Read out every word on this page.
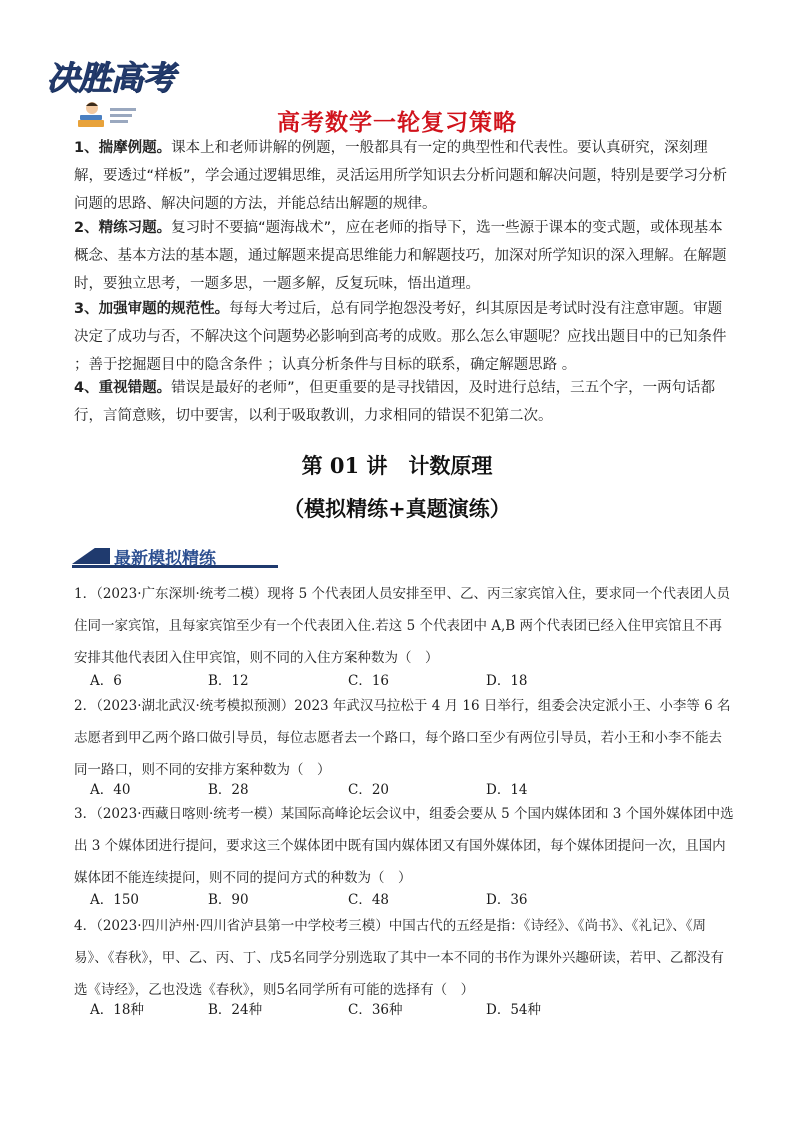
决胜高考
高考数学一轮复习策略

1、揣摩例题。课本上和老师讲解的例题，一般都具有一定的典型性和代表性。要认真研究，深刻理解，要透过“样板”，学会通过逻辑思维，灵活运用所学知识去分析问题和解决问题，特别是要学习分析问题的思路、解决问题的方法，并能总结出解题的规律。

2、精练习题。复习时不要搞“题海战术”，应在老师的指导下，选一些源于课本的变式题，或体现基本概念、基本方法的基本题，通过解题来提高思维能力和解题技巧，加深对所学知识的深入理解。在解题时，要独立思考，一题多思，一题多解，反复玩味，悟出道理。

3、加强审题的规范性。每每大考过后，总有同学抱怨没考好，纠其原因是考试时没有注意审题。审题决定了成功与否，不解决这个问题势必影响到高考的成败。那么怎么审题呢？应找出题目中的已知条件 ；善于挖掘题目中的隐含条件 ；认真分析条件与目标的联系，确定解题思路 。

4、重视错题。错误是最好的老师”，但更重要的是寻找错因，及时进行总结，三五个字，一两句话都行，言简意赅，切中要害，以利于吸取教训，力求相同的错误不犯第二次。

第 01 讲　计数原理
（模拟精练+真题演练）
最新模拟精练

1．（2023·广东深圳·统考二模）现将 5 个代表团人员安排至甲、乙、丙三家宾馆入住，要求同一个代表团人员住同一家宾馆，且每家宾馆至少有一个代表团入住.若这 5 个代表团中 A,B 两个代表团已经入住甲宾馆且不再安排其他代表团入住甲宾馆，则不同的入住方案种数为（　）

A．6	B．12	C．16	D．18

2．（2023·湖北武汉·统考模拟预测）2023 年武汉马拉松于 4 月 16 日举行，组委会决定派小王、小李等 6 名志愿者到甲乙两个路口做引导员，每位志愿者去一个路口，每个路口至少有两位引导员，若小王和小李不能去同一路口，则不同的安排方案种数为（　）

A．40	B．28	C．20	D．14

3．（2023·西藏日喀则·统考一模）某国际高峰论坛会议中，组委会要从 5 个国内媒体团和 3 个国外媒体团中选出 3 个媒体团进行提问，要求这三个媒体团中既有国内媒体团又有国外媒体团，每个媒体团提问一次，且国内媒体团不能连续提问，则不同的提问方式的种数为（　）

A．150	B．90	C．48	D．36

4．（2023·四川泸州·四川省泸县第一中学校考三模）中国古代的五经是指：《诗经》、《尚书》、《礼记》、《周易》、《春秋》，甲、乙、丙、丁、戊5名同学分别选取了其中一本不同的书作为课外兴趣研读，若甲、乙都没有选《诗经》，乙也没选《春秋》，则5名同学所有可能的选择有（　）

A．18种	B．24种	C．36种	D．54种
